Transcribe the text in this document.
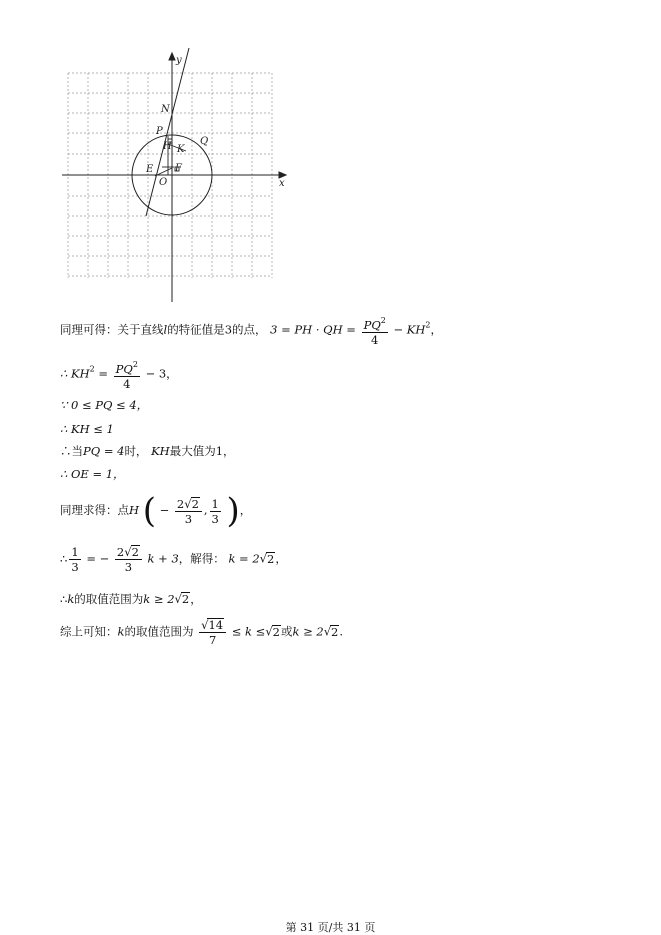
y
x
N
P
H K
Q
E F
O
同理可得：关于直线l的特征值是3的点， 3 = PH · QH = $\frac{PQ^2}{4} - KH^2$，
∴ $KH^2 = \frac{PQ^2}{4} - 3$，
∵ 0 ≤ PQ ≤ 4，
∴ KH ≤ 1
∴当PQ = 4时， KH最大值为1，
∴ OE = 1，
同理求得：点H ( − $\frac{2√2}{3}$ , $\frac{1}{3}$ )，
∴ $\frac{1}{3}$ = − $\frac{2√2}{3}$ k + 3，解得： k = 2√2，
∴k的取值范围为k ≥ 2√2，
综上可知：k的取值范围为 $\frac{√14}{7} \le k \le√2$或k ≥ 2√2.
第 31 页/共 31 页
